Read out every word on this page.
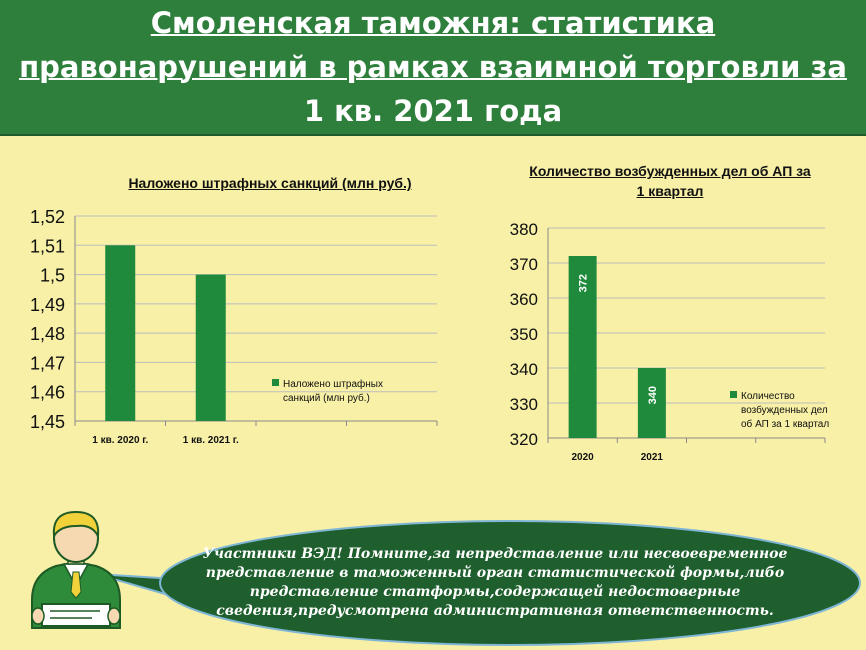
Смоленская таможня: статистика
правонарушений в рамках взаимной торговли за
1 кв. 2021 года
Наложено штрафных санкций (млн руб.)
Количество возбужденных дел об АП за
1 квартал
1,52
1,51
1,5
1,49
1,48
1,47
1,46
1,45
1 кв. 2020 г.	1 кв. 2021 г.
Наложено штрафных
санкций (млн руб.)
380
370
360
350
340
330
320
2020
372
2021
340	Количество
возбужденных дел
об АП за 1 квартал
Участники ВЭД! Помните,за непредставление или несвоевременное представление в таможенный орган статистической формы,либо представление статформы,содержащей недостоверные сведения,предусмотрена административная ответственность.
